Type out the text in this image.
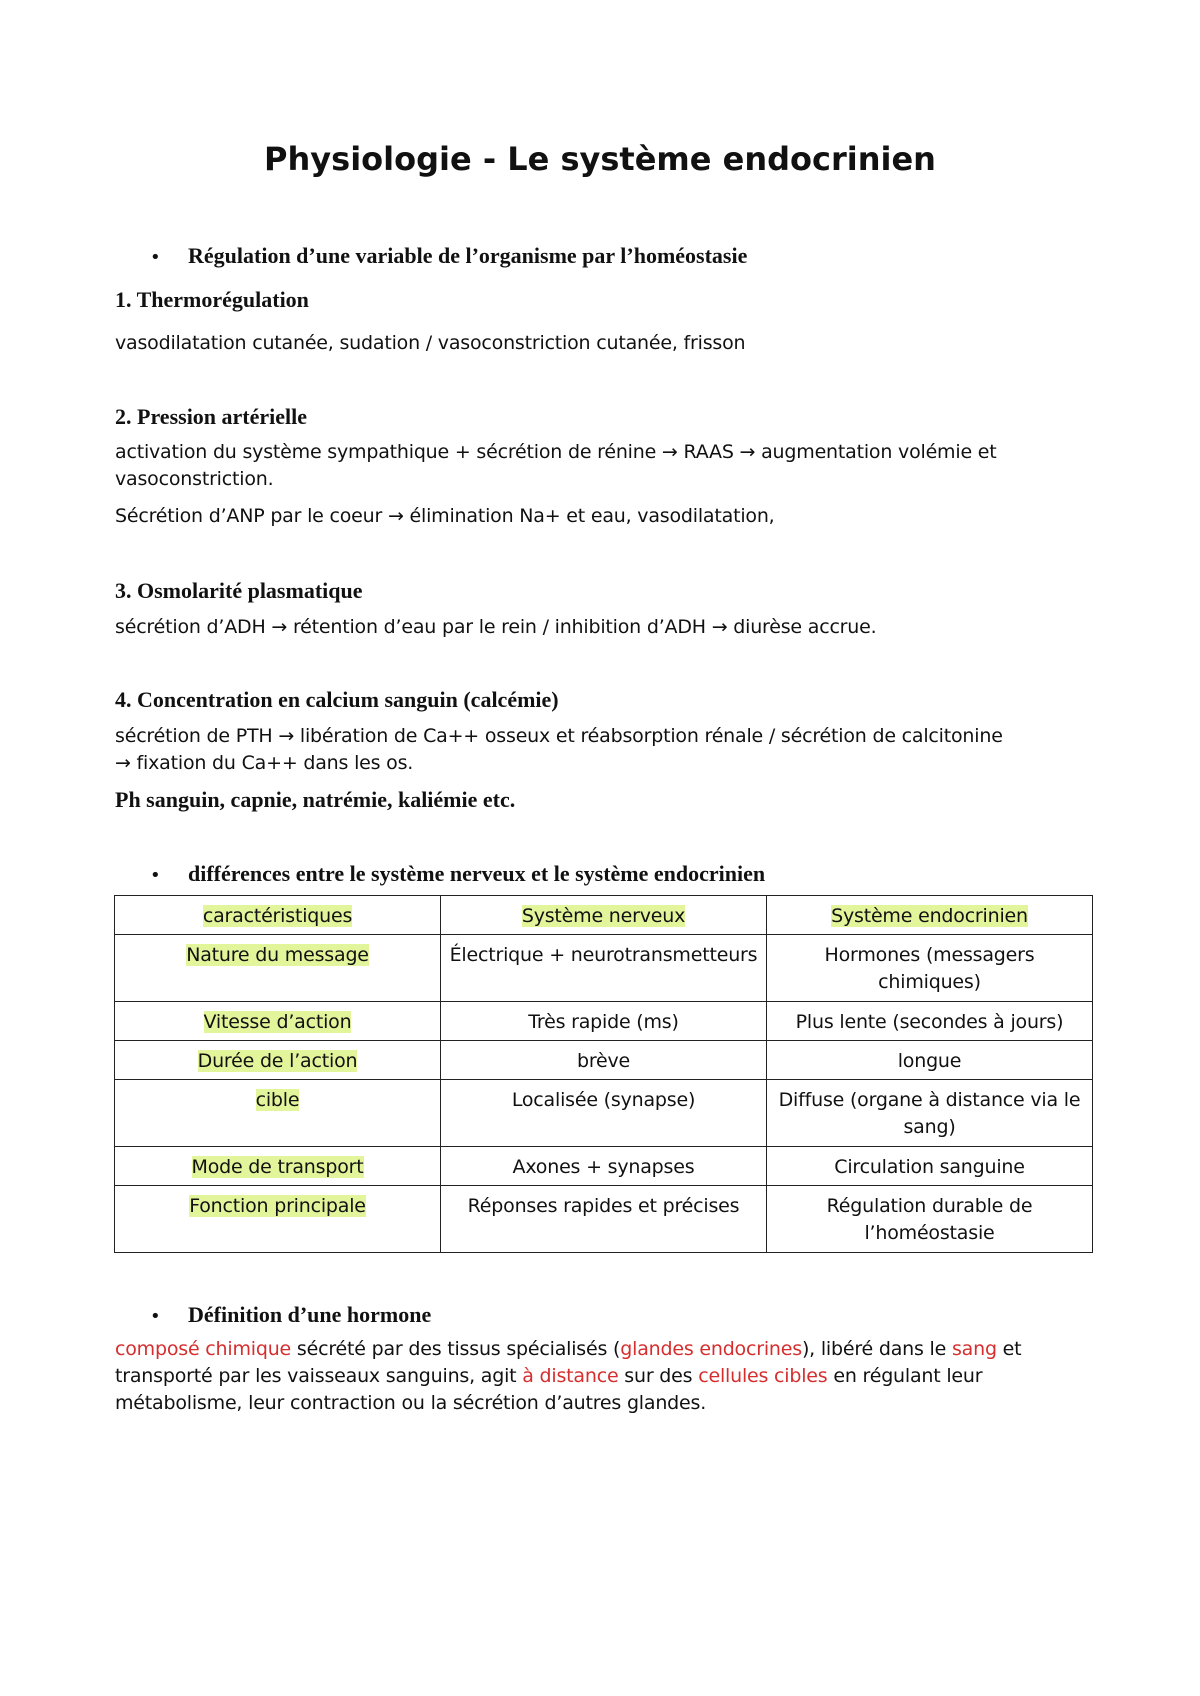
Physiologie - Le système endocrinien
• Régulation d’une variable de l’organisme par l’homéostasie
1. Thermorégulation
vasodilatation cutanée, sudation / vasoconstriction cutanée, frisson
2. Pression artérielle
activation du système sympathique + sécrétion de rénine → RAAS → augmentation volémie et
vasoconstriction.
Sécrétion d’ANP par le coeur → élimination Na+ et eau, vasodilatation,
3. Osmolarité plasmatique
sécrétion d’ADH → rétention d’eau par le rein / inhibition d’ADH → diurèse accrue.
4. Concentration en calcium sanguin (calcémie)
sécrétion de PTH → libération de Ca++ osseux et réabsorption rénale / sécrétion de calcitonine
→ fixation du Ca++ dans les os.
Ph sanguin, capnie, natrémie, kaliémie etc.
• différences entre le système nerveux et le système endocrinien
caractéristiques	Système nerveux	Système endocrinien
Nature du message	Électrique + neurotransmetteurs	Hormones (messagers chimiques)
Vitesse d’action	Très rapide (ms)	Plus lente (secondes à jours)
Durée de l’action	brève	longue
cible	Localisée (synapse)	Diffuse (organe à distance via le sang)
Mode de transport	Axones + synapses	Circulation sanguine
Fonction principale	Réponses rapides et précises	Régulation durable de l’homéostasie
• Définition d’une hormone
composé chimique sécrété par des tissus spécialisés (glandes endocrines), libéré dans le sang et transporté par les vaisseaux sanguins, agit à distance sur des cellules cibles en régulant leur métabolisme, leur contraction ou la sécrétion d’autres glandes.
